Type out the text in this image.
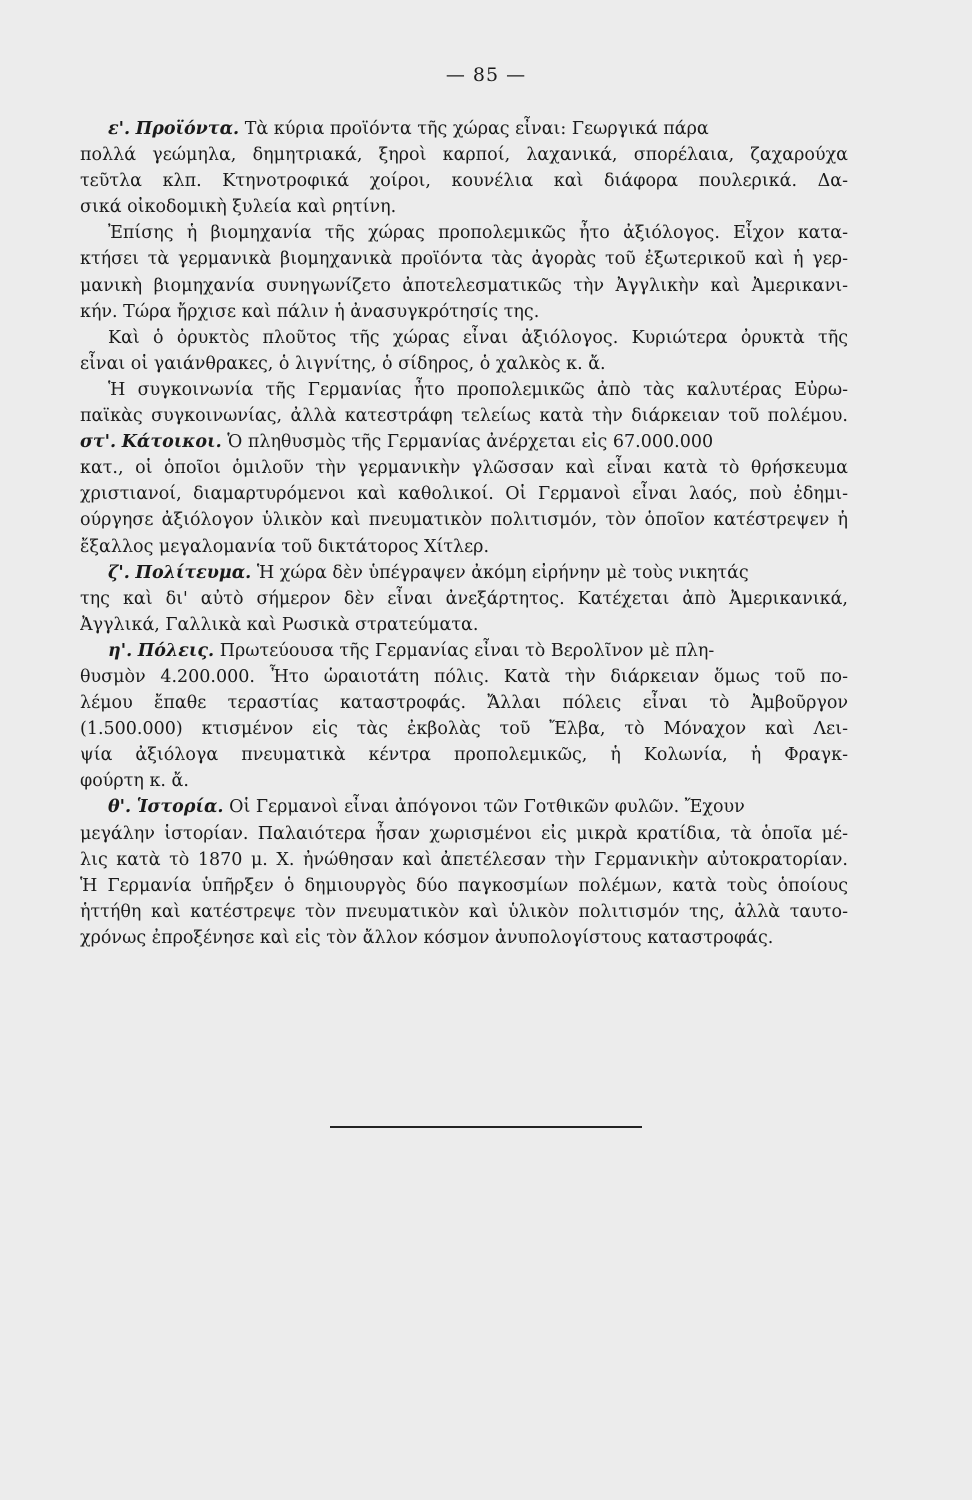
— 85 —
ε'. Προϊόντα. Τὰ κύρια προϊόντα τῆς χώρας εἶναι: Γεωργικά πάρα
πολλά γεώμηλα, δημητριακά, ξηροὶ καρποί, λαχανικά, σπορέλαια, ζαχαρούχα
τεῦτλα κλπ. Κτηνοτροφικά χοίροι, κουνέλια καὶ διάφορα πουλερικά. Δα-
σικά οἰκοδομικὴ ξυλεία καὶ ρητίνη.
Ἐπίσης ἡ βιομηχανία τῆς χώρας προπολεμικῶς ἦτο ἀξιόλογος. Εἶχον κατα-
κτήσει τὰ γερμανικὰ βιομηχανικὰ προϊόντα τὰς ἀγορὰς τοῦ ἐξωτερικοῦ καὶ ἡ γερ-
μανικὴ βιομηχανία συνηγωνίζετο ἀποτελεσματικῶς τὴν Ἀγγλικὴν καὶ Ἀμερικανι-
κήν. Τώρα ἤρχισε καὶ πάλιν ἡ ἀνασυγκρότησίς της.
Καὶ ὁ ὀρυκτὸς πλοῦτος τῆς χώρας εἶναι ἀξιόλογος. Κυριώτερα ὀρυκτὰ τῆς
εἶναι οἱ γαιάνθρακες, ὁ λιγνίτης, ὁ σίδηρος, ὁ χαλκὸς κ. ἄ.
Ἡ συγκοινωνία τῆς Γερμανίας ἦτο προπολεμικῶς ἀπὸ τὰς καλυτέρας Εὐρω-
παϊκὰς συγκοινωνίας, ἀλλὰ κατεστράφη τελείως κατὰ τὴν διάρκειαν τοῦ πολέμου.
στ'. Κάτοικοι. Ὁ πληθυσμὸς τῆς Γερμανίας ἀνέρχεται εἰς 67.000.000
κατ., οἱ ὁποῖοι ὁμιλοῦν τὴν γερμανικὴν γλῶσσαν καὶ εἶναι κατὰ τὸ θρήσκευμα
χριστιανοί, διαμαρτυρόμενοι καὶ καθολικοί. Οἱ Γερμανοὶ εἶναι λαός, ποὺ ἐδημι-
ούργησε ἀξιόλογον ὑλικὸν καὶ πνευματικὸν πολιτισμόν, τὸν ὁποῖον κατέστρεψεν ἡ
ἔξαλλος μεγαλομανία τοῦ δικτάτορος Χίτλερ.
ζ'. Πολίτευμα. Ἡ χώρα δὲν ὑπέγραψεν ἀκόμη εἰρήνην μὲ τοὺς νικητάς
της καὶ δι' αὐτὸ σήμερον δὲν εἶναι ἀνεξάρτητος. Κατέχεται ἀπὸ Ἀμερικανικά,
Ἀγγλικά, Γαλλικὰ καὶ Ρωσικὰ στρατεύματα.
η'. Πόλεις. Πρωτεύουσα τῆς Γερμανίας εἶναι τὸ Βερολῖνον μὲ πλη-
θυσμὸν 4.200.000. Ἦτο ὡραιοτάτη πόλις. Κατὰ τὴν διάρκειαν ὅμως τοῦ πο-
λέμου ἔπαθε τεραστίας καταστροφάς. Ἄλλαι πόλεις εἶναι τὸ Ἀμβοῦργον
(1.500.000) κτισμένον εἰς τὰς ἐκβολὰς τοῦ Ἔλβα, τὸ Μόναχον καὶ Λει-
ψία ἀξιόλογα πνευματικὰ κέντρα προπολεμικῶς, ἡ Κολωνία, ἡ Φραγκ-
φούρτη κ. ἄ.
θ'. Ἱστορία. Οἱ Γερμανοὶ εἶναι ἀπόγονοι τῶν Γοτθικῶν φυλῶν. Ἔχουν
μεγάλην ἱστορίαν. Παλαιότερα ἦσαν χωρισμένοι εἰς μικρὰ κρατίδια, τὰ ὁποῖα μέ-
λις κατὰ τὸ 1870 μ. Χ. ἠνώθησαν καὶ ἀπετέλεσαν τὴν Γερμανικὴν αὐτοκρατορίαν.
Ἡ Γερμανία ὑπῆρξεν ὁ δημιουργὸς δύο παγκοσμίων πολέμων, κατὰ τοὺς ὁποίους
ἡττήθη καὶ κατέστρεψε τὸν πνευματικὸν καὶ ὑλικὸν πολιτισμόν της, ἀλλὰ ταυτο-
χρόνως ἐπροξένησε καὶ εἰς τὸν ἄλλον κόσμον ἀνυπολογίστους καταστροφάς.
